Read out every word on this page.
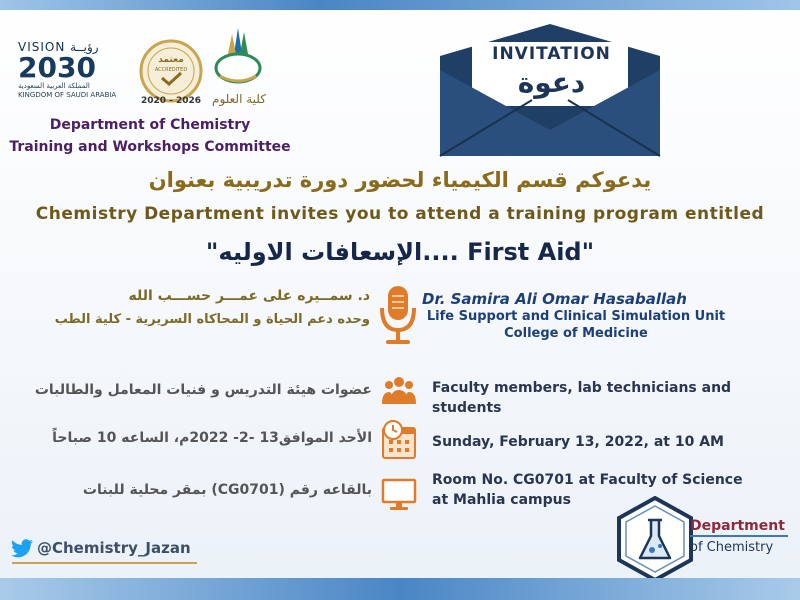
VISION رؤيــة
2030
المملكة العربية السعودية
KINGDOM OF SAUDI ARABIA
معتمد
ACCREDITED
2020 - 2026 كلية العلوم
Department of Chemistry
Training and Workshops Committee
INVITATION
دعوة
يدعوكم قسم الكيمياء لحضور دورة تدريبية بعنوان
Chemistry Department invites you to attend a training program entitled
"الإسعافات الاوليه.... First Aid"
د. سمــيره على عمـــر حســـب الله
وحده دعم الحياة و المحاكاه السريرية - كلية الطب
Dr. Samira Ali Omar Hasaballah
Life Support and Clinical Simulation Unit
College of Medicine
عضوات هيئة التدريس و فنيات المعامل والطالبات	Faculty members, lab technicians and students
الأحد الموافق13 -2- 2022م، الساعه 10 صباحاً	Sunday, February 13, 2022, at 10 AM
بالقاعه رقم (CG0701) بمقر محلية للبنات
Room No. CG0701 at Faculty of Science at Mahlia campus
@Chemistry_Jazan
Department
of Chemistry
